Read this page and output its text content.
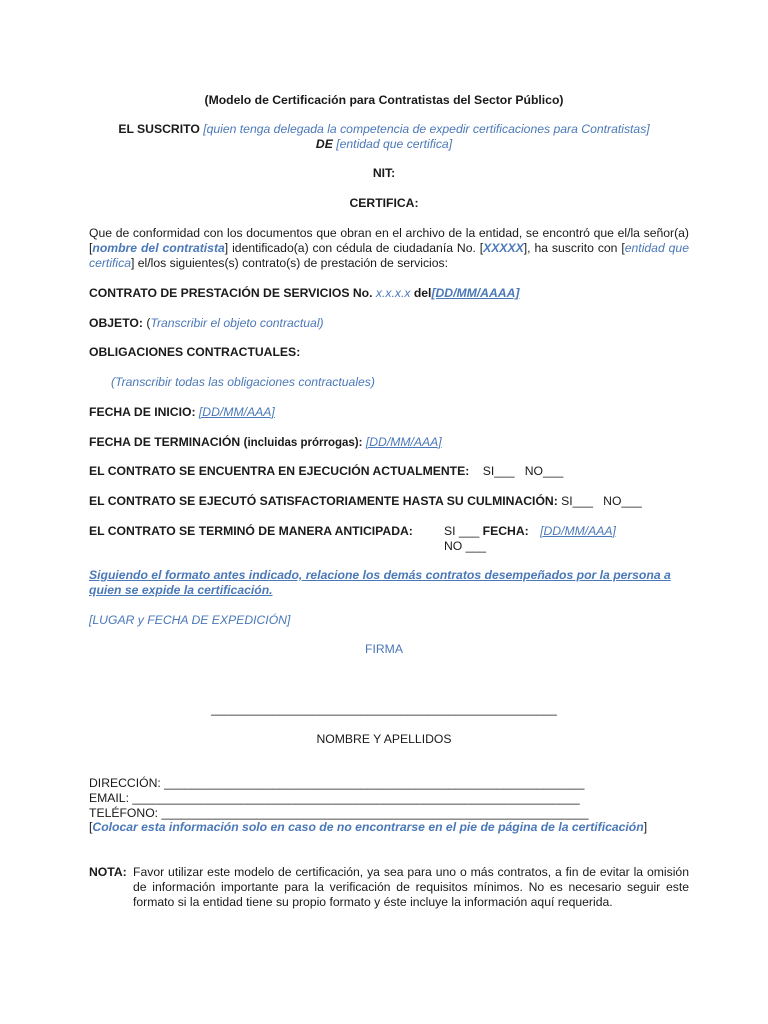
(Modelo de Certificación para Contratistas del Sector Público)
EL SUSCRITO [quien tenga delegada la competencia de expedir certificaciones para Contratistas]
DE [entidad que certifica]
NIT:
CERTIFICA:
Que de conformidad con los documentos que obran en el archivo de la entidad, se encontró que el/la señor(a) [nombre del contratista] identificado(a) con cédula de ciudadanía No. [XXXXX], ha suscrito con [entidad que certifica] el/los siguientes(s) contrato(s) de prestación de servicios:
CONTRATO DE PRESTACIÓN DE SERVICIOS No. x.x.x.x del[DD/MM/AAAA]
OBJETO: (Transcribir el objeto contractual)
OBLIGACIONES CONTRACTUALES:
(Transcribir todas las obligaciones contractuales)
FECHA DE INICIO: [DD/MM/AAA]
FECHA DE TERMINACIÓN (incluidas prórrogas): [DD/MM/AAA]
EL CONTRATO SE ENCUENTRA EN EJECUCIÓN ACTUALMENTE: SI___   NO___
EL CONTRATO SE EJECUTÓ SATISFACTORIAMENTE HASTA SU CULMINACIÓN: SI___   NO___
EL CONTRATO SE TERMINÓ DE MANERA ANTICIPADA:	SI ___ FECHA: [DD/MM/AAA]
NO ___
Siguiendo el formato antes indicado, relacione los demás contratos desempeñados por la persona a
quien se expide la certificación.
[LUGAR y FECHA DE EXPEDICIÓN]
FIRMA
___________________________________________________
NOMBRE Y APELLIDOS
DIRECCIÓN: ______________________________________________________________
EMAIL: __________________________________________________________________
TELÉFONO: _______________________________________________________________
[Colocar esta información solo en caso de no encontrarse en el pie de página de la certificación]
NOTA: Favor utilizar este modelo de certificación, ya sea para uno o más contratos, a fin de evitar la omisión de información importante para la verificación de requisitos mínimos. No es necesario seguir este formato si la entidad tiene su propio formato y éste incluye la información aquí requerida.
